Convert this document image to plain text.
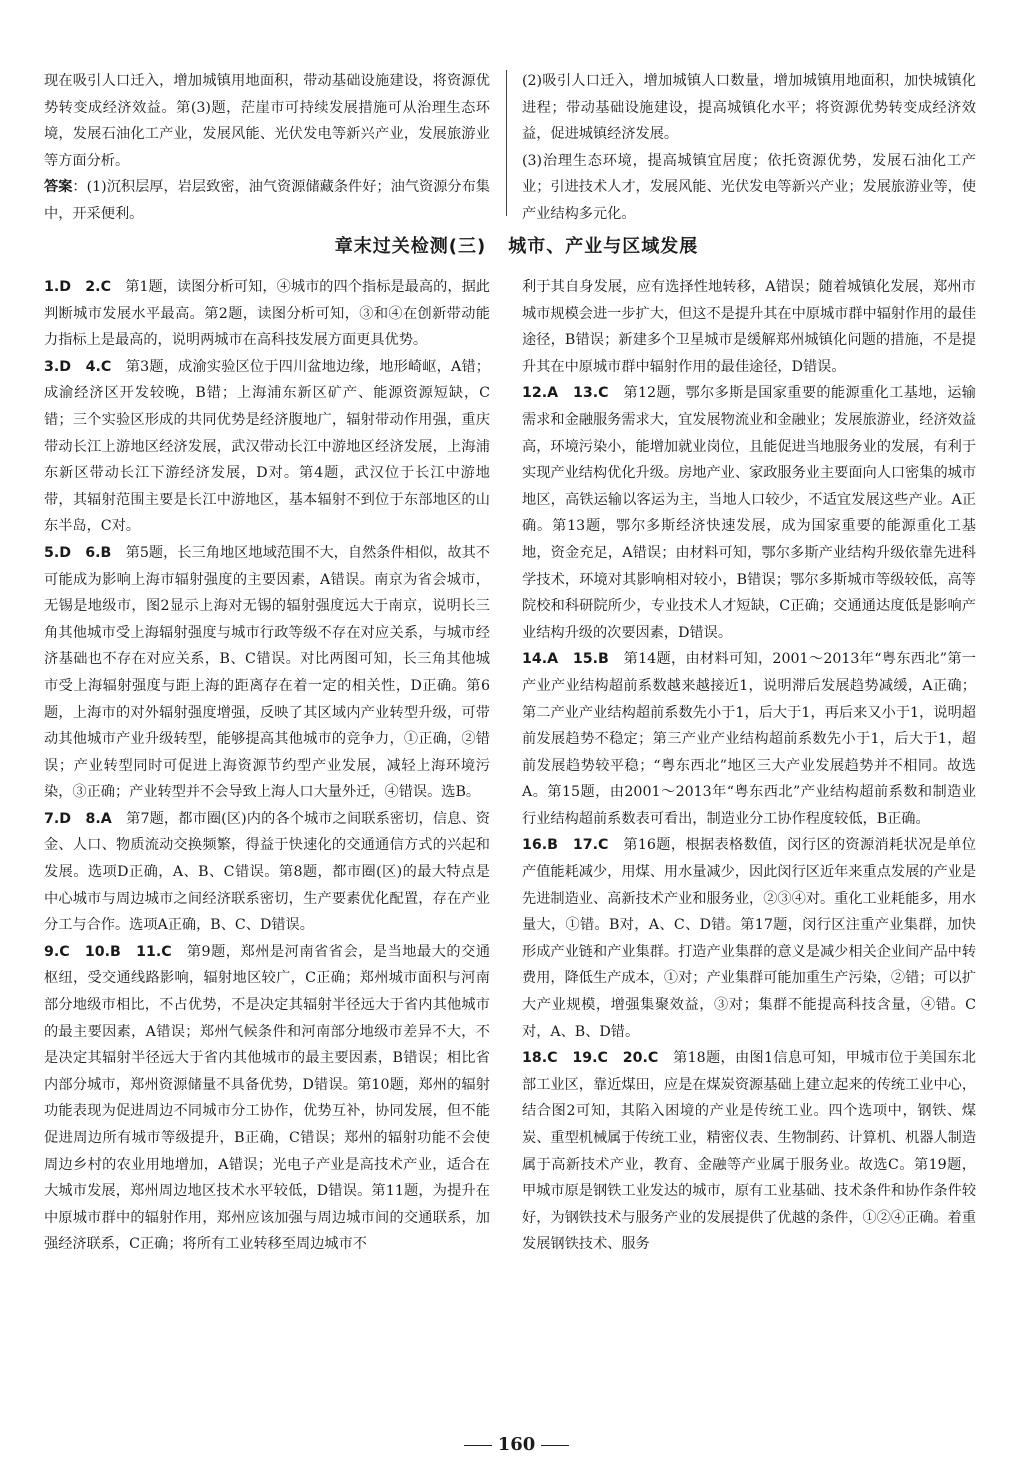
现在吸引人口迁入，增加城镇用地面积，带动基础设施建设，将资源优势转变成经济效益。第(3)题，茫崖市可持续发展措施可从治理生态环境，发展石油化工产业，发展风能、光伏发电等新兴产业，发展旅游业等方面分析。

答案：(1)沉积层厚，岩层致密，油气资源储藏条件好；油气资源分布集中，开采便利。

(2)吸引人口迁入，增加城镇人口数量，增加城镇用地面积，加快城镇化进程；带动基础设施建设，提高城镇化水平；将资源优势转变成经济效益，促进城镇经济发展。

(3)治理生态环境，提高城镇宜居度；依托资源优势，发展石油化工产业；引进技术人才，发展风能、光伏发电等新兴产业；发展旅游业等，使产业结构多元化。

章末过关检测(三) 城市、产业与区域发展

1.D　2.C　第1题，读图分析可知，④城市的四个指标是最高的，据此判断城市发展水平最高。第2题，读图分析可知，③和④在创新带动能力指标上是最高的，说明两城市在高科技发展方面更具优势。

3.D　4.C　第3题，成渝实验区位于四川盆地边缘，地形崎岖，A错；成渝经济区开发较晚，B错；上海浦东新区矿产、能源资源短缺，C错；三个实验区形成的共同优势是经济腹地广，辐射带动作用强，重庆带动长江上游地区经济发展，武汉带动长江中游地区经济发展，上海浦东新区带动长江下游经济发展，D对。第4题，武汉位于长江中游地带，其辐射范围主要是长江中游地区，基本辐射不到位于东部地区的山东半岛，C对。

5.D　6.B　第5题，长三角地区地域范围不大，自然条件相似，故其不可能成为影响上海市辐射强度的主要因素，A错误。南京为省会城市，无锡是地级市，图2显示上海对无锡的辐射强度远大于南京，说明长三角其他城市受上海辐射强度与城市行政等级不存在对应关系，与城市经济基础也不存在对应关系，B、C错误。对比两图可知，长三角其他城市受上海辐射强度与距上海的距离存在着一定的相关性，D正确。第6题，上海市的对外辐射强度增强，反映了其区域内产业转型升级，可带动其他城市产业升级转型，能够提高其他城市的竞争力，①正确，②错误；产业转型同时可促进上海资源节约型产业发展，减轻上海环境污染，③正确；产业转型并不会导致上海人口大量外迁，④错误。选B。

7.D　8.A　第7题，都市圈(区)内的各个城市之间联系密切，信息、资金、人口、物质流动交换频繁，得益于快速化的交通通信方式的兴起和发展。选项D正确，A、B、C错误。第8题，都市圈(区)的最大特点是中心城市与周边城市之间经济联系密切，生产要素优化配置，存在产业分工与合作。选项A正确，B、C、D错误。

9.C　10.B　11.C　第9题，郑州是河南省省会，是当地最大的交通枢纽，受交通线路影响，辐射地区较广，C正确；郑州城市面积与河南部分地级市相比，不占优势，不是决定其辐射半径远大于省内其他城市的最主要因素，A错误；郑州气候条件和河南部分地级市差异不大，不是决定其辐射半径远大于省内其他城市的最主要因素，B错误；相比省内部分城市，郑州资源储量不具备优势，D错误。第10题，郑州的辐射功能表现为促进周边不同城市分工协作，优势互补，协同发展，但不能促进周边所有城市等级提升，B正确，C错误；郑州的辐射功能不会使周边乡村的农业用地增加，A错误；光电子产业是高技术产业，适合在大城市发展，郑州周边地区技术水平较低，D错误。第11题，为提升在中原城市群中的辐射作用，郑州应该加强与周边城市间的交通联系，加强经济联系，C正确；将所有工业转移至周边城市不

利于其自身发展，应有选择性地转移，A错误；随着城镇化发展，郑州市城市规模会进一步扩大，但这不是提升其在中原城市群中辐射作用的最佳途径，B错误；新建多个卫星城市是缓解郑州城镇化问题的措施，不是提升其在中原城市群中辐射作用的最佳途径，D错误。

12.A　13.C　第12题，鄂尔多斯是国家重要的能源重化工基地，运输需求和金融服务需求大，宜发展物流业和金融业；发展旅游业，经济效益高，环境污染小，能增加就业岗位，且能促进当地服务业的发展，有利于实现产业结构优化升级。房地产业、家政服务业主要面向人口密集的城市地区，高铁运输以客运为主，当地人口较少，不适宜发展这些产业。A正确。第13题，鄂尔多斯经济快速发展，成为国家重要的能源重化工基地，资金充足，A错误；由材料可知，鄂尔多斯产业结构升级依靠先进科学技术，环境对其影响相对较小，B错误；鄂尔多斯城市等级较低，高等院校和科研院所少，专业技术人才短缺，C正确；交通通达度低是影响产业结构升级的次要因素，D错误。

14.A　15.B　第14题，由材料可知，2001～2013年“粤东西北”第一产业产业结构超前系数越来越接近1，说明滞后发展趋势减缓，A正确；第二产业产业结构超前系数先小于1，后大于1，再后来又小于1，说明超前发展趋势不稳定；第三产业产业结构超前系数先小于1，后大于1，超前发展趋势较平稳；“粤东西北”地区三大产业发展趋势并不相同。故选A。第15题，由2001～2013年“粤东西北”产业结构超前系数和制造业行业结构超前系数表可看出，制造业分工协作程度较低，B正确。

16.B　17.C　第16题，根据表格数值，闵行区的资源消耗状况是单位产值能耗减少，用煤、用水量减少，因此闵行区近年来重点发展的产业是先进制造业、高新技术产业和服务业，②③④对。重化工业耗能多，用水量大，①错。B对，A、C、D错。第17题，闵行区注重产业集群，加快形成产业链和产业集群。打造产业集群的意义是减少相关企业间产品中转费用，降低生产成本，①对；产业集群可能加重生产污染，②错；可以扩大产业规模，增强集聚效益，③对；集群不能提高科技含量，④错。C对，A、B、D错。

18.C　19.C　20.C　第18题，由图1信息可知，甲城市位于美国东北部工业区，靠近煤田，应是在煤炭资源基础上建立起来的传统工业中心，结合图2可知，其陷入困境的产业是传统工业。四个选项中，钢铁、煤炭、重型机械属于传统工业，精密仪表、生物制药、计算机、机器人制造属于高新技术产业，教育、金融等产业属于服务业。故选C。第19题，甲城市原是钢铁工业发达的城市，原有工业基础、技术条件和协作条件较好，为钢铁技术与服务产业的发展提供了优越的条件，①②④正确。着重发展钢铁技术、服务

160
